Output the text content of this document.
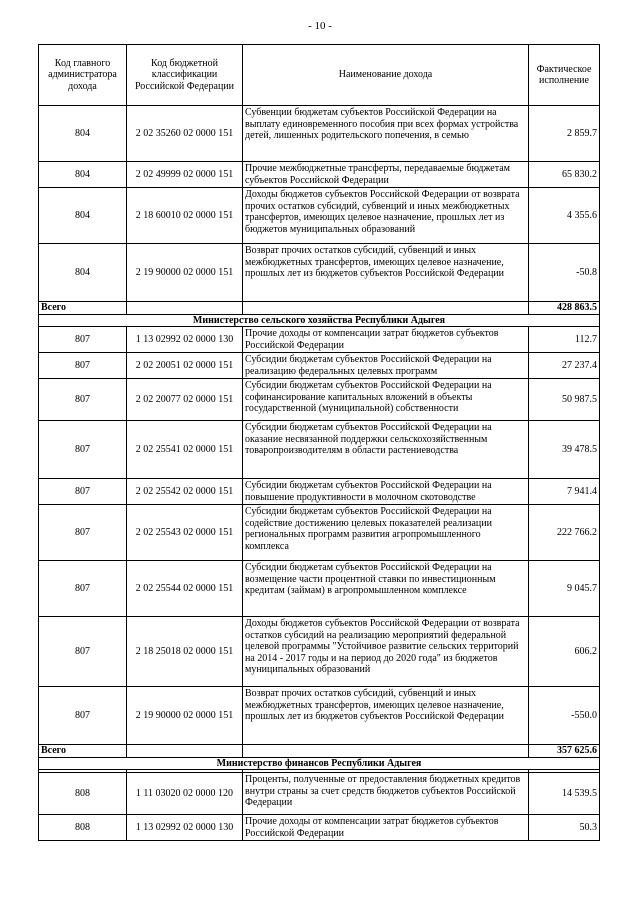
- 10 -
Код главного администратора дохода	Код бюджетной классификации Российской Федерации	Наименование дохода	Фактическое исполнение
804	2 02 35260 02 0000 151	Субвенции бюджетам субъектов Российской Федерации на выплату единовременного пособия при всех формах устройства детей, лишенных родительского попечения, в семью	2 859.7
804	2 02 49999 02 0000 151	Прочие межбюджетные трансферты, передаваемые бюджетам субъектов Российской Федерации	65 830.2
804	2 18 60010 02 0000 151	Доходы бюджетов субъектов Российской Федерации от возврата прочих остатков субсидий, субвенций и иных межбюджетных трансфертов, имеющих целевое назначение, прошлых лет из бюджетов муниципальных образований	4 355.6
804	2 19 90000 02 0000 151	Возврат прочих остатков субсидий, субвенций и иных межбюджетных трансфертов, имеющих целевое назначение, прошлых лет из бюджетов субъектов Российской Федерации	-50.8
Всего			428 863.5
Министерство сельского хозяйства Республики Адыгея			
807	1 13 02992 02 0000 130	Прочие доходы от компенсации затрат бюджетов субъектов Российской Федерации	112.7
807	2 02 20051 02 0000 151	Субсидии бюджетам субъектов Российской Федерации на реализацию федеральных целевых программ	27 237.4
807	2 02 20077 02 0000 151	Субсидии бюджетам субъектов Российской Федерации на софинансирование капитальных вложений в объекты государственной (муниципальной) собственности	50 987.5
807	2 02 25541 02 0000 151	Субсидии бюджетам субъектов Российской Федерации на оказание несвязанной поддержки сельскохозяйственным товаропроизводителям в области растениеводства	39 478.5
807	2 02 25542 02 0000 151	Субсидии бюджетам субъектов Российской Федерации на повышение продуктивности в молочном скотоводстве	7 941.4
807	2 02 25543 02 0000 151	Субсидии бюджетам субъектов Российской Федерации на содействие достижению целевых показателей реализации региональных программ развития агропромышленного комплекса	222 766.2
807	2 02 25544 02 0000 151	Субсидии бюджетам субъектов Российской Федерации на возмещение части процентной ставки по инвестиционным кредитам (займам) в агропромышленном комплексе	9 045.7
807	2 18 25018 02 0000 151	Доходы бюджетов субъектов Российской Федерации от возврата остатков субсидий на реализацию мероприятий федеральной целевой программы "Устойчивое развитие сельских территорий на 2014 - 2017 годы и на период до 2020 года" из бюджетов муниципальных образований	606.2
807	2 19 90000 02 0000 151	Возврат прочих остатков субсидий, субвенций и иных межбюджетных трансфертов, имеющих целевое назначение, прошлых лет из бюджетов субъектов Российской Федерации	-550.0
Всего			357 625.6
Министерство финансов Республики Адыгея			

808	1 11 03020 02 0000 120	Проценты, полученные от предоставления бюджетных кредитов внутри страны за счет средств бюджетов субъектов Российской Федерации	14 539.5
808	1 13 02992 02 0000 130	Прочие доходы от компенсации затрат бюджетов субъектов Российской Федерации	50.3
